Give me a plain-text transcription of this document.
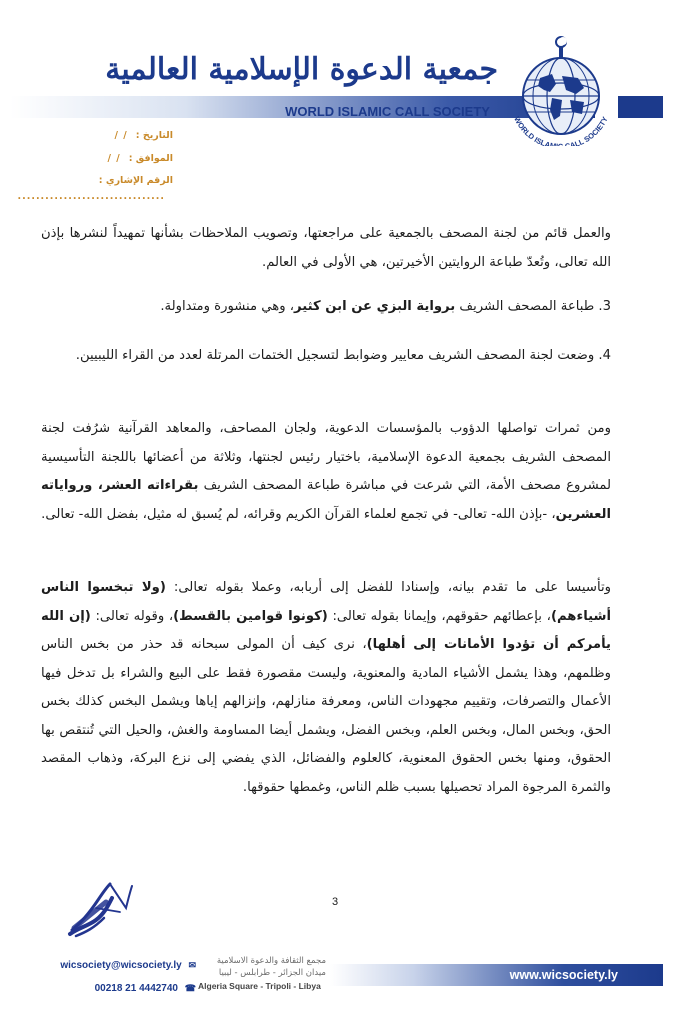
جمعية الدعوة الإسلامية العالمية
WORLD ISLAMIC CALL SOCIETY
WORLD ISLAM ALL SOCIETY
التاريخ :
/ /
الموافق :
/ /
الرقم الإشاري :
................................
والعمل قائم من لجنة المصحف بالجمعية على مراجعتها، وتصويب الملاحظات بشأنها تمهيداً لنشرها بإذن الله تعالى، وتُعدّ طباعة الروايتين الأخيرتين، هي الأولى في العالم.
3. طباعة المصحف الشريف برواية البزي عن ابن كثير، وهي منشورة ومتداولة.
4. وضعت لجنة المصحف الشريف معايير وضوابط لتسجيل الختمات المرتلة لعدد من القراء الليبيين.
ومن ثمرات تواصلها الدؤوب بالمؤسسات الدعوية، ولجان المصاحف، والمعاهد القرآنية شرُفت لجنة المصحف الشريف بجمعية الدعوة الإسلامية، باختيار رئيس لجنتها، وثلاثة من أعضائها باللجنة التأسيسية لمشروع مصحف الأمة، التي شرعت في مباشرة طباعة المصحف الشريف بقراءاته العشر، ورواياته العشرين، -بإذن الله- تعالى- في تجمع لعلماء القرآن الكريم وقرائه، لم يُسبق له مثيل، بفضل الله- تعالى.
وتأسيسا على ما تقدم بيانه، وإسنادا للفضل إلى أربابه، وعملا بقوله تعالى: (ولا تبخسوا الناس أشياءهم)، بإعطائهم حقوقهم، وإيمانا بقوله تعالى: (كونوا قوامين بالقسط)، وقوله تعالى: (إن الله يأمركم أن تؤدوا الأمانات إلى أهلها)، نرى كيف أن المولى سبحانه قد حذر من بخس الناس وظلمهم، وهذا يشمل الأشياء المادية والمعنوية، وليست مقصورة فقط على البيع والشراء بل تدخل فيها الأعمال والتصرفات، وتقييم مجهودات الناس، ومعرفة منازلهم، وإنزالهم إياها ويشمل البخس كذلك بخس الحق، وبخس المال، وبخس العلم، وبخس الفضل، ويشمل أيضا المساومة والغش، والحيل التي تُنتقص بها الحقوق، ومنها بخس الحقوق المعنوية، كالعلوم والفضائل، الذي يفضي إلى نزع البركة، وذهاب المقصد والثمرة المرجوة المراد تحصيلها بسبب ظلم الناس، وغمطها حقوقها.
3
wicsociety@wicsociety.ly ✉
00218 21 4442740 ☎
مجمع الثقافة والدعوة الاسلامية
ميدان الجزائر - طرابلس - ليبيا
Algeria Square - Tripoli - Libya
www.wicsociety.ly
